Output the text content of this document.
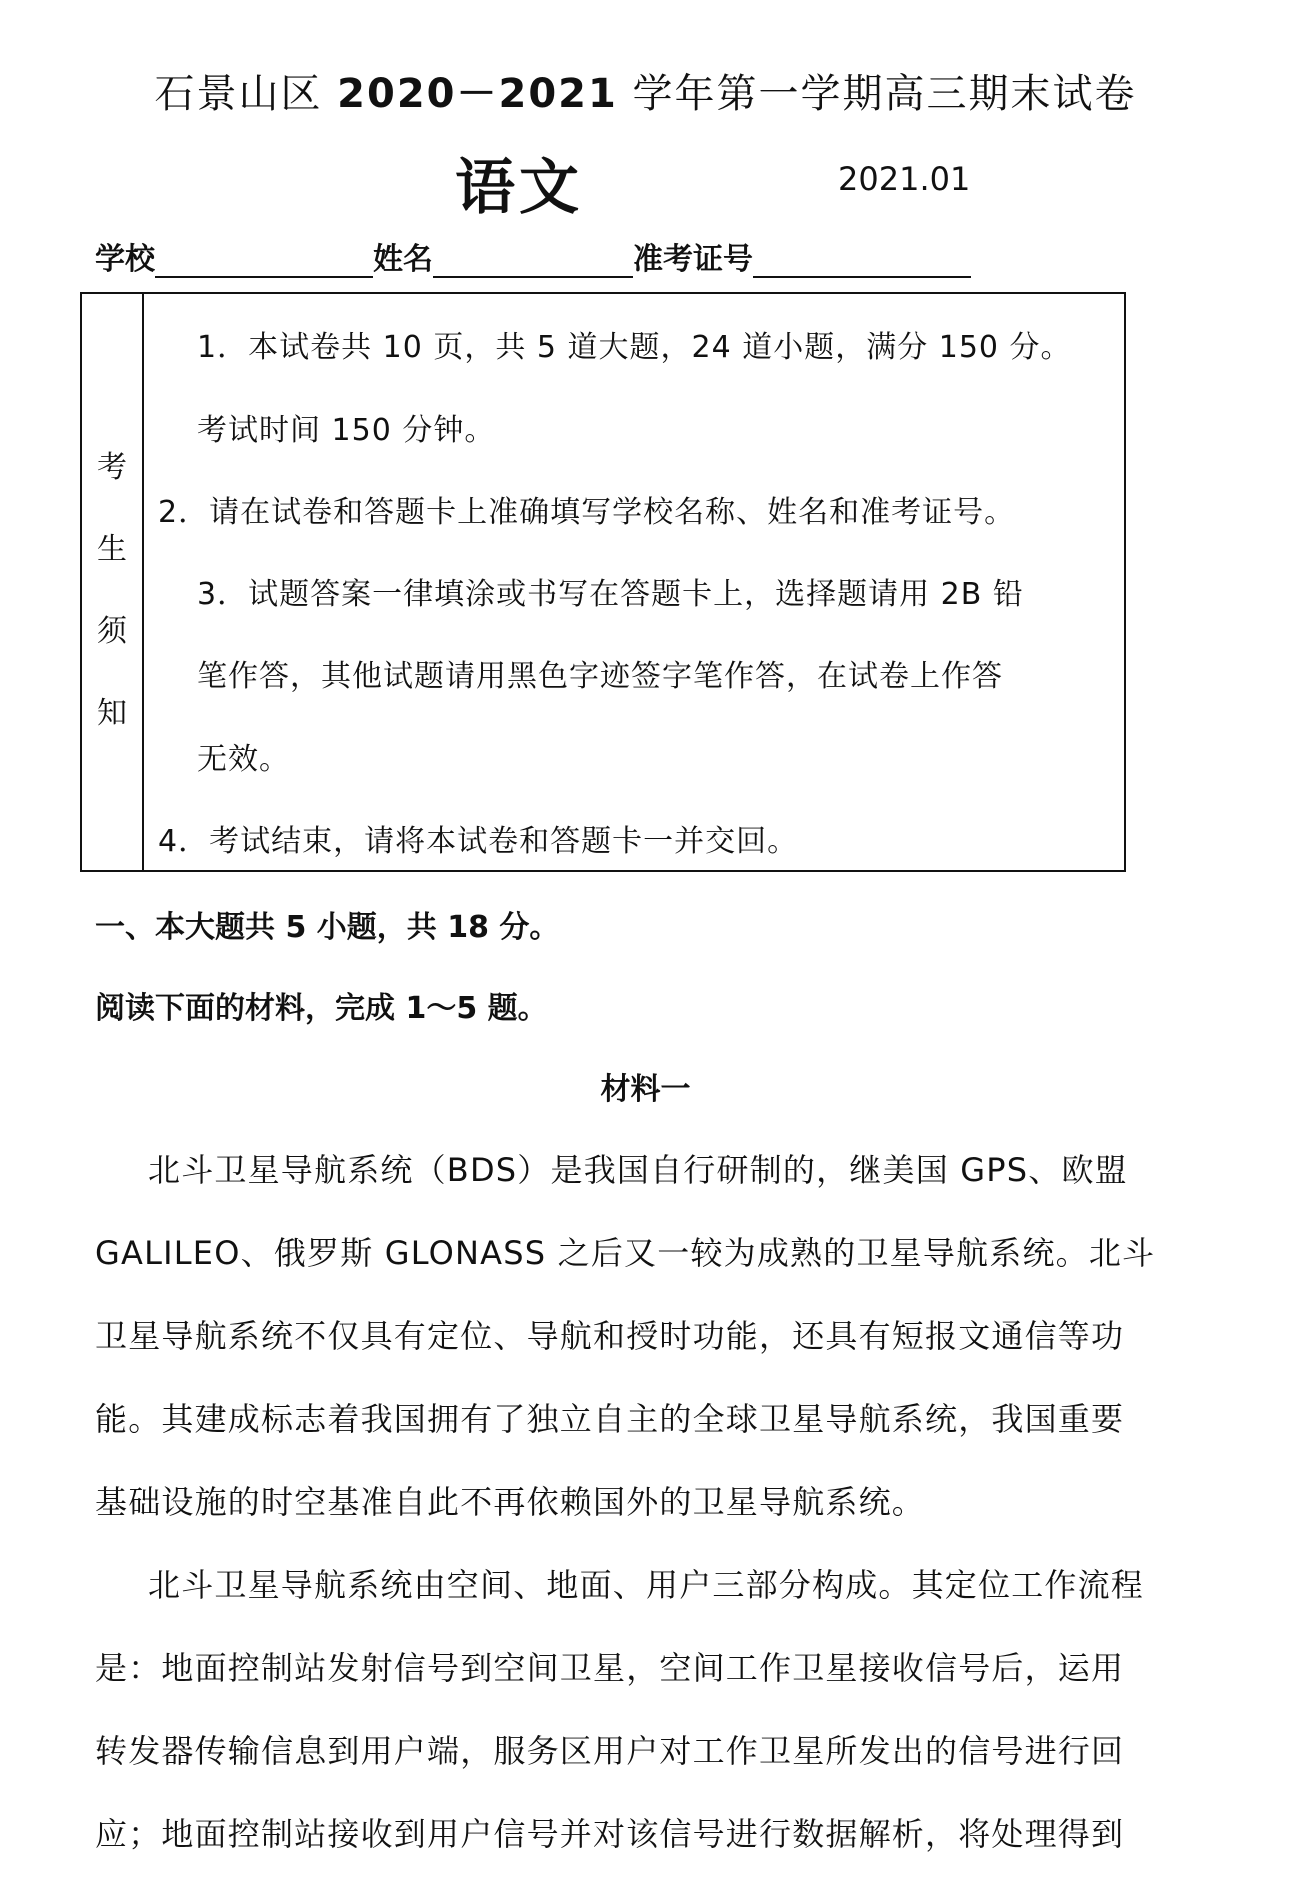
石景山区 2020－2021 学年第一学期高三期末试卷
语文	2021.01
学校	姓名	准考证号
考
生
须
知
1．本试卷共 10 页，共 5 道大题，24 道小题，满分 150 分。
考试时间 150 分钟。
2．请在试卷和答题卡上准确填写学校名称、姓名和准考证号。
3．试题答案一律填涂或书写在答题卡上，选择题请用 2B 铅
笔作答，其他试题请用黑色字迹签字笔作答，在试卷上作答
无效。
4．考试结束，请将本试卷和答题卡一并交回。
一、本大题共 5 小题，共 18 分。
阅读下面的材料，完成 1～5 题。
材料一
北斗卫星导航系统（BDS）是我国自行研制的，继美国 GPS、欧盟
GALILEO、俄罗斯 GLONASS 之后又一较为成熟的卫星导航系统。北斗
卫星导航系统不仅具有定位、导航和授时功能，还具有短报文通信等功
能。其建成标志着我国拥有了独立自主的全球卫星导航系统，我国重要
基础设施的时空基准自此不再依赖国外的卫星导航系统。
北斗卫星导航系统由空间、地面、用户三部分构成。其定位工作流程
是：地面控制站发射信号到空间卫星，空间工作卫星接收信号后，运用
转发器传输信息到用户端，服务区用户对工作卫星所发出的信号进行回
应；地面控制站接收到用户信号并对该信号进行数据解析，将处理得到
